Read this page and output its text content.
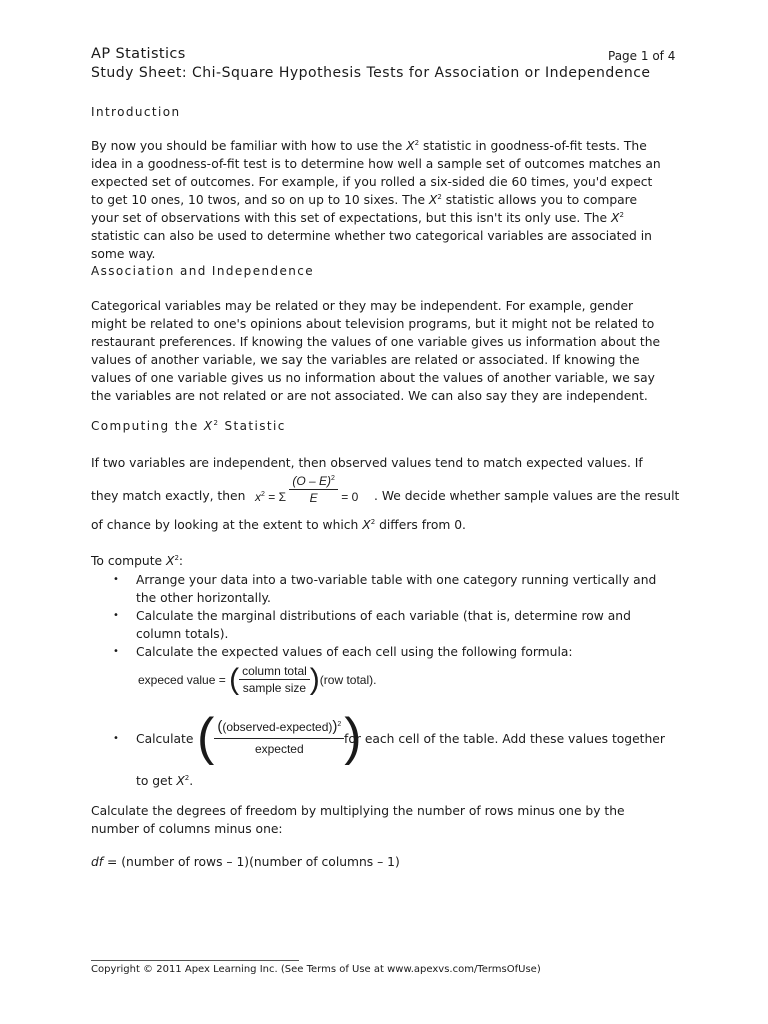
AP Statistics	Page 1 of 4
Study Sheet: Chi-Square Hypothesis Tests for Association or Independence
Introduction
By now you should be familiar with how to use the $X^2$ statistic in goodness-of-fit tests. The
idea in a goodness-of-fit test is to determine how well a sample set of outcomes matches an
expected set of outcomes. For example, if you rolled a six-sided die 60 times, you'd expect
to get 10 ones, 10 twos, and so on up to 10 sixes. The $X^2$ statistic allows you to compare
your set of observations with this set of expectations, but this isn't its only use. The $X^2$
statistic can also be used to determine whether two categorical variables are associated in
some way.
Association and Independence
Categorical variables may be related or they may be independent. For example, gender
might be related to one's opinions about television programs, but it might not be related to
restaurant preferences. If knowing the values of one variable gives us information about the
values of another variable, we say the variables are related or associated. If knowing the
values of one variable gives us no information about the values of another variable, we say
the variables are not related or are not associated. We can also say they are independent.
Computing the $X^2$ Statistic
If two variables are independent, then observed values tend to match expected values. If
they match exactly, then $x^2 = \Sigma \frac{(O - E)^2}{E} = 0$ . We decide whether sample values are the result
of chance by looking at the extent to which $X^2$ differs from 0.
To compute $X^2$:
• Arrange your data into a two-variable table with one category running vertically and
the other horizontally.
• Calculate the marginal distributions of each variable (that is, determine row and
column totals).
• Calculate the expected values of each cell using the following formula:
expeced value = ( $\frac{\text{column total}}{\text{sample size}} )(row$ total).
• Calculate ( $\frac{((observed-expected))^2}{\text{expected}}$ )
for each cell of the table. Add these values together
to get $X^2$.
Calculate the degrees of freedom by multiplying the number of rows minus one by the
number of columns minus one:
df = (number of rows – 1)(number of columns – 1)
Copyright © 2011 Apex Learning Inc. (See Terms of Use at www.apexvs.com/TermsOfUse)
